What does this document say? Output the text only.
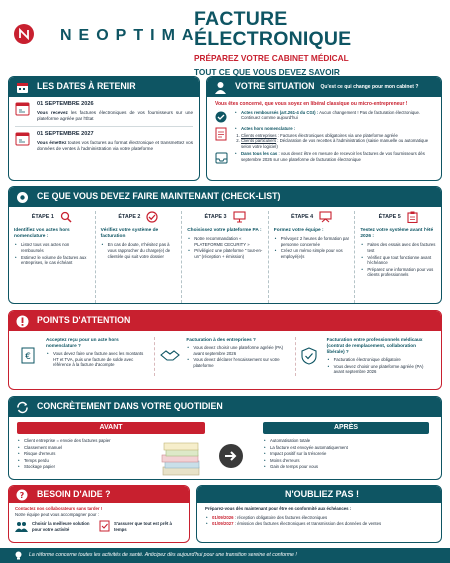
NEOPTIMA
FACTURE ÉLECTRONIQUE
PRÉPAREZ VOTRE CABINET MÉDICAL
TOUT CE QUE VOUS DEVEZ SAVOIR
LES DATES À RETENIR
01 SEPTEMBRE 2026
Vous recevez les factures électroniques de vos fournisseurs sur une plateforme agréée par l'État
01 SEPTEMBRE 2027
Vous émettez toutes vos factures au format électronique et transmettez vos données de ventes à l'administration via votre plateforme
VOTRE SITUATION Qu'est ce qui change pour mon cabinet ?
Vous êtes concerné, que vous soyez en libéral classique ou micro-entrepreneur !
• Actes remboursés (art.261-4 du CGI) : Aucun changement ! Pas de facturation électronique. Continuez comme aujourd'hui
• Actes hors nomenclature :
1. Clients entreprises : Factures électroniques obligatoires via une plateforme agréée
2. Clients particuliers : Déclaration de vos recettes à l'administration (saisie manuelle ou automatique selon votre logiciel)
• Dans tous les cas : vous devez être en mesure de recevoir les factures de vos fournisseurs dès septembre 2026 sur une plateforme de facturation électronique
CE QUE VOUS DEVEZ FAIRE MAINTENANT (CHECK-LIST)
ÉTAPE 1
Identifiez vos actes hors nomenclature :
• Listez tous vos actes non remboursés
• Estimez le volume de factures aux entreprises, le cas échéant
ÉTAPE 2
Vérifiez votre système de facturation
• En cas de doute, n'hésitez pas à vous rapprocher du charge(e) de clientèle qui suit votre dossier
ÉTAPE 3
Choisissez votre plateforme PA :
• Notre recommandation « PLATEFORME CECURITY »
• Privilégiez une plateforme " tout-en-un" (réception + émission)
ÉTAPE 4
Formez votre équipe :
• Prévoyez 2 heures de formation par personne concernée
• Créez un mémo simple pour vos employé(e)s
ÉTAPE 5
Testez votre système avant l'été 2026 :
• Faites des essais avec des factures test
• Vérifiez que tout fonctionne avant l'échéance
• Préparez une information pour vos clients professionnels
POINTS D'ATTENTION
€
Acceptez reçu pour un acte hors nomenclature ?
• Vous devez faire une facture avec les montants HT et TVA, puis une facture de solde avec référence à la facture d'acompte
Facturation à des entreprises ?
• Vous devez choisir une plateforme agréée (PA) avant septembre 2026
• Vous devez déclarer l'encaissement sur votre plateforme
Facturation entre professionnels médicaux (contrat de remplacement, collaboration libérale) ?
• Facturation électronique obligatoire
• Vous devez choisir une plateforme agréée (PA) avant septembre 2026
CONCRÈTEMENT DANS VOTRE QUOTIDIEN
AVANT
• Client entreprise = envoie des factures papier
• Classement manuel
• Risque d'erreurs
• Temps perdu
• Stockage papier
APRÈS
• Automatisation totale
• La facture est envoyée automatiquement
• Impact positif sur la trésorerie
• Moins d'erreurs
• Gain de temps pour vous
? BESOIN D'AIDE ?
Contactez nos collaborateurs sans tarder !
Notre équipe peut vous accompagner pour :
Choisir la meilleure solution pour votre activité
S'assurer que tout est prêt à temps
N'OUBLIEZ PAS !
Préparez-vous dès maintenant pour être en conformité aux échéances :
• 01/09/2026 : réception obligatoire des factures électroniques
• 01/09/2027 : émission des factures électroniques et transmission des données de ventes
La réforme concerne toutes les activités de santé. Anticipez dès aujourd'hui pour une transition sereine et conforme !
